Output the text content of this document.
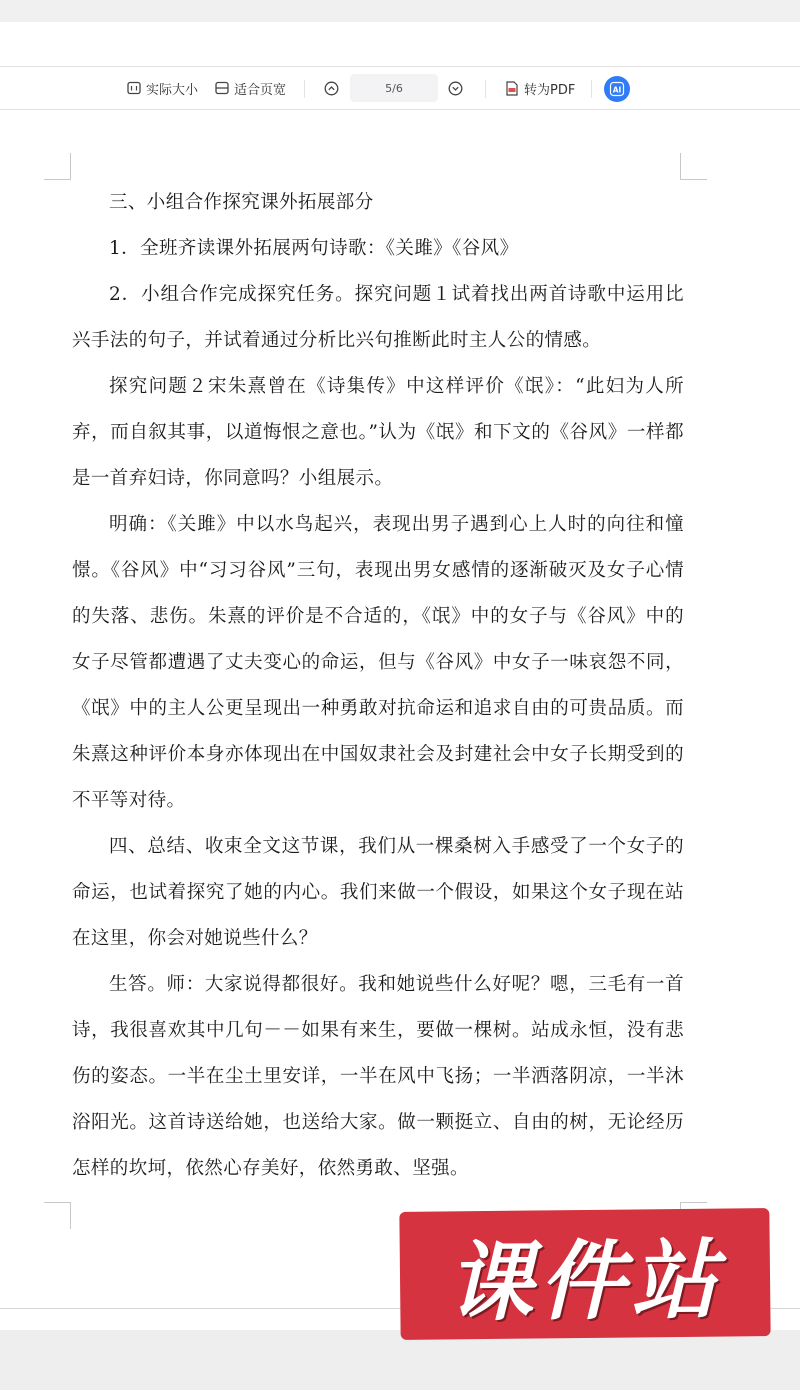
实际大小	适合页宽	5/6	转为PDF	AI

三、小组合作探究课外拓展部分

1．全班齐读课外拓展两句诗歌：《关雎》《谷风》

2．小组合作完成探究任务。探究问题１试着找出两首诗歌中运用比兴手法的句子，并试着通过分析比兴句推断此时主人公的情感。

探究问题２宋朱熹曾在《诗集传》中这样评价《氓》：“此妇为人所弃，而自叙其事，以道悔恨之意也。”认为《氓》和下文的《谷风》一样都是一首弃妇诗，你同意吗？小组展示。

明确：《关雎》中以水鸟起兴，表现出男子遇到心上人时的向往和憧憬。《谷风》中“习习谷风”三句，表现出男女感情的逐渐破灭及女子心情的失落、悲伤。朱熹的评价是不合适的，《氓》中的女子与《谷风》中的女子尽管都遭遇了丈夫变心的命运，但与《谷风》中女子一味哀怨不同，《氓》中的主人公更呈现出一种勇敢对抗命运和追求自由的可贵品质。而朱熹这种评价本身亦体现出在中国奴隶社会及封建社会中女子长期受到的不平等对待。

四、总结、收束全文这节课，我们从一棵桑树入手感受了一个女子的命运，也试着探究了她的内心。我们来做一个假设，如果这个女子现在站在这里，你会对她说些什么？

生答。师：大家说得都很好。我和她说些什么好呢？嗯，三毛有一首诗，我很喜欢其中几句－－如果有来生，要做一棵树。站成永恒，没有悲伤的姿态。一半在尘土里安详，一半在风中飞扬；一半洒落阴凉，一半沐浴阳光。这首诗送给她，也送给大家。做一颗挺立、自由的树，无论经历怎样的坎坷，依然心存美好，依然勇敢、坚强。

课件站
